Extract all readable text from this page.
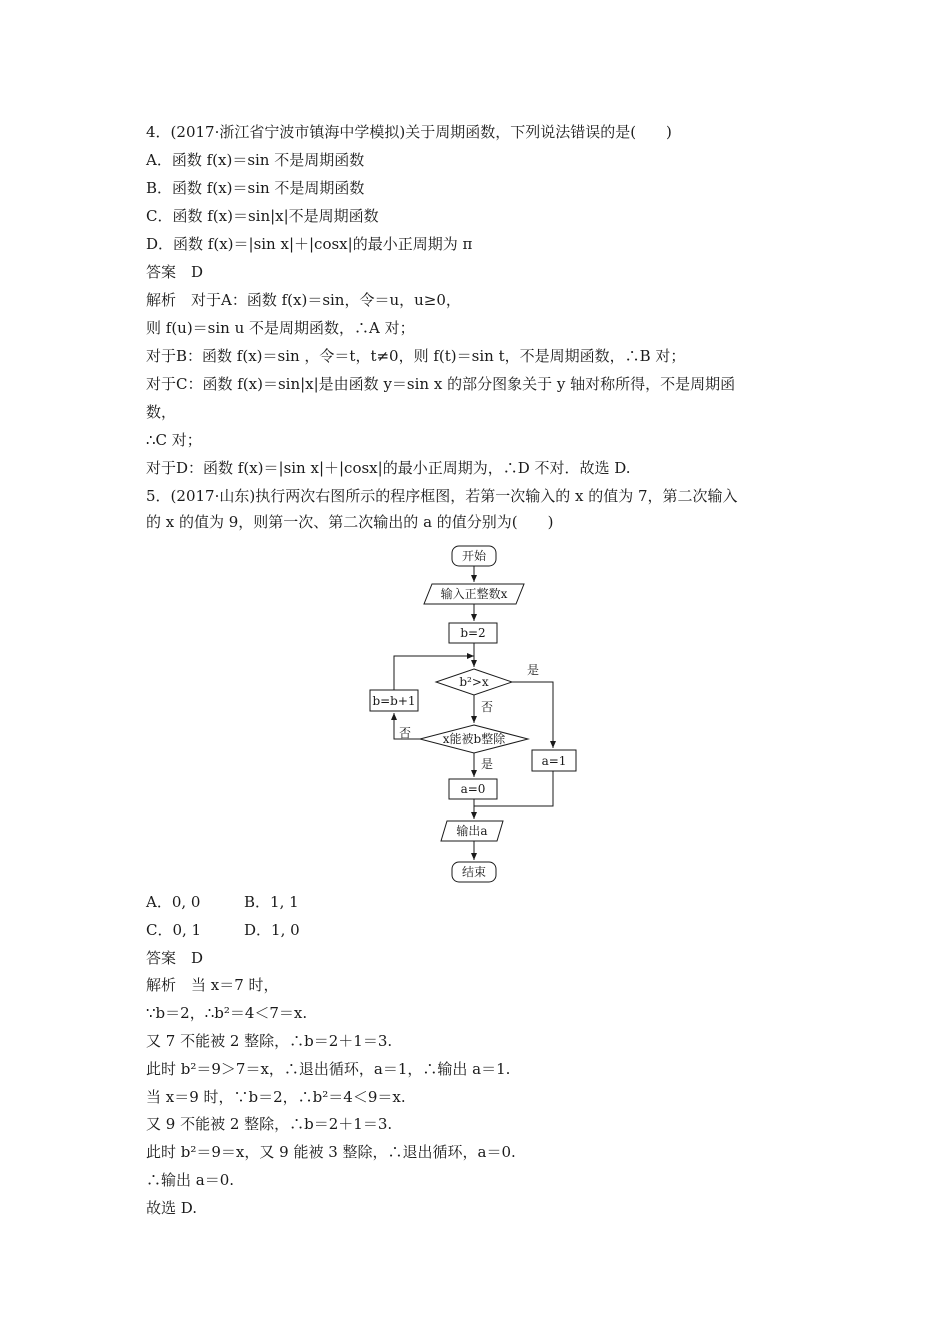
4．(2017·浙江省宁波市镇海中学模拟)关于周期函数，下列说法错误的是(　　)
A．函数 f(x)＝sin 不是周期函数
B．函数 f(x)＝sin 不是周期函数
C．函数 f(x)＝sin|x|不是周期函数
D．函数 f(x)＝|sin x|＋|cosx|的最小正周期为 π
答案　D
解析　对于A：函数 f(x)＝sin，令＝u，u≥0，
则 f(u)＝sin u 不是周期函数，∴A 对；
对于B：函数 f(x)＝sin ，令＝t，t≠0，则 f(t)＝sin t，不是周期函数，∴B 对；
对于C：函数 f(x)＝sin|x|是由函数 y＝sin x 的部分图象关于 y 轴对称所得，不是周期函
数，
∴C 对；
对于D：函数 f(x)＝|sin x|＋|cosx|的最小正周期为，∴D 不对．故选 D.
5．(2017·山东)执行两次右图所示的程序框图，若第一次输入的 x 的值为 7，第二次输入
的 x 的值为 9，则第一次、第二次输出的 a 的值分别为(　　)
开始
输入正整数x
b=2
b²>x
是
否
x能被b整除
否
b=b+1
是	a=1
a=0
输出a
结束
A．0, 0	B．1, 1
C．0, 1	D．1, 0
答案　D
解析　当 x＝7 时，
∵b＝2，∴b²＝4＜7＝x.
又 7 不能被 2 整除，∴b＝2＋1＝3.
此时 b²＝9＞7＝x，∴退出循环，a＝1，∴输出 a＝1.
当 x＝9 时，∵b＝2，∴b²＝4＜9＝x.
又 9 不能被 2 整除，∴b＝2＋1＝3.
此时 b²＝9＝x，又 9 能被 3 整除，∴退出循环，a＝0.
∴输出 a＝0.
故选 D.
